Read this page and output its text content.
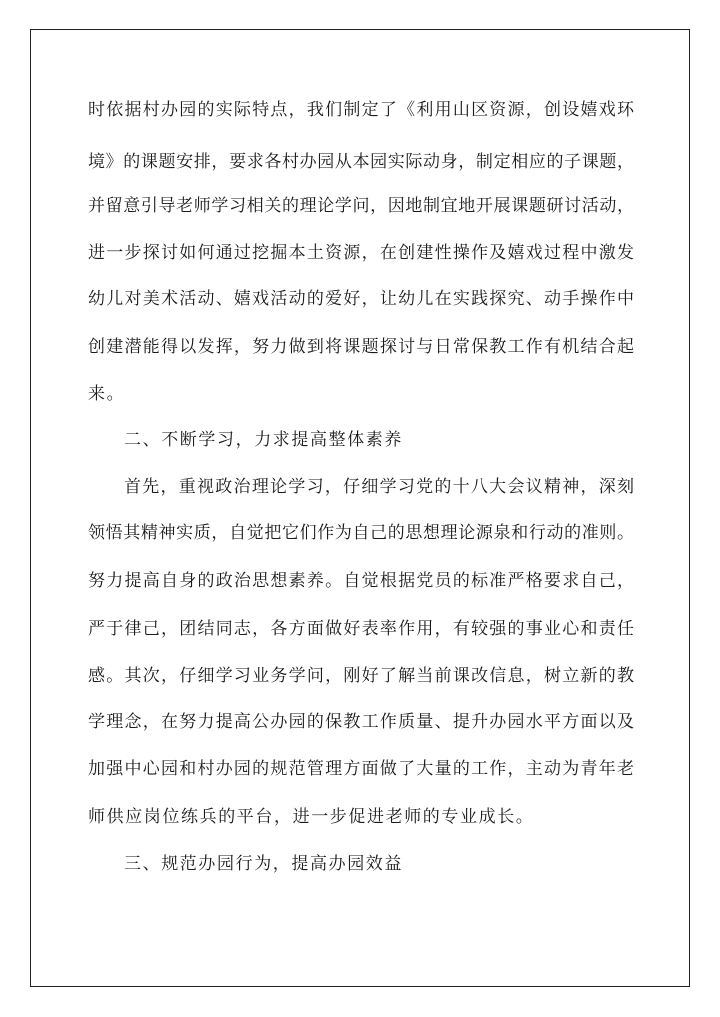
时依据村办园的实际特点，我们制定了《利用山区资源，创设嬉戏环
境》的课题安排，要求各村办园从本园实际动身，制定相应的子课题，
并留意引导老师学习相关的理论学问，因地制宜地开展课题研讨活动，
进一步探讨如何通过挖掘本土资源，在创建性操作及嬉戏过程中激发
幼儿对美术活动、嬉戏活动的爱好，让幼儿在实践探究、动手操作中
创建潜能得以发挥，努力做到将课题探讨与日常保教工作有机结合起
来。
二、不断学习，力求提高整体素养
首先，重视政治理论学习，仔细学习党的十八大会议精神，深刻
领悟其精神实质，自觉把它们作为自己的思想理论源泉和行动的准则。
努力提高自身的政治思想素养。自觉根据党员的标准严格要求自己，
严于律己，团结同志，各方面做好表率作用，有较强的事业心和责任
感。其次，仔细学习业务学问，刚好了解当前课改信息，树立新的教
学理念，在努力提高公办园的保教工作质量、提升办园水平方面以及
加强中心园和村办园的规范管理方面做了大量的工作，主动为青年老
师供应岗位练兵的平台，进一步促进老师的专业成长。
三、规范办园行为，提高办园效益
